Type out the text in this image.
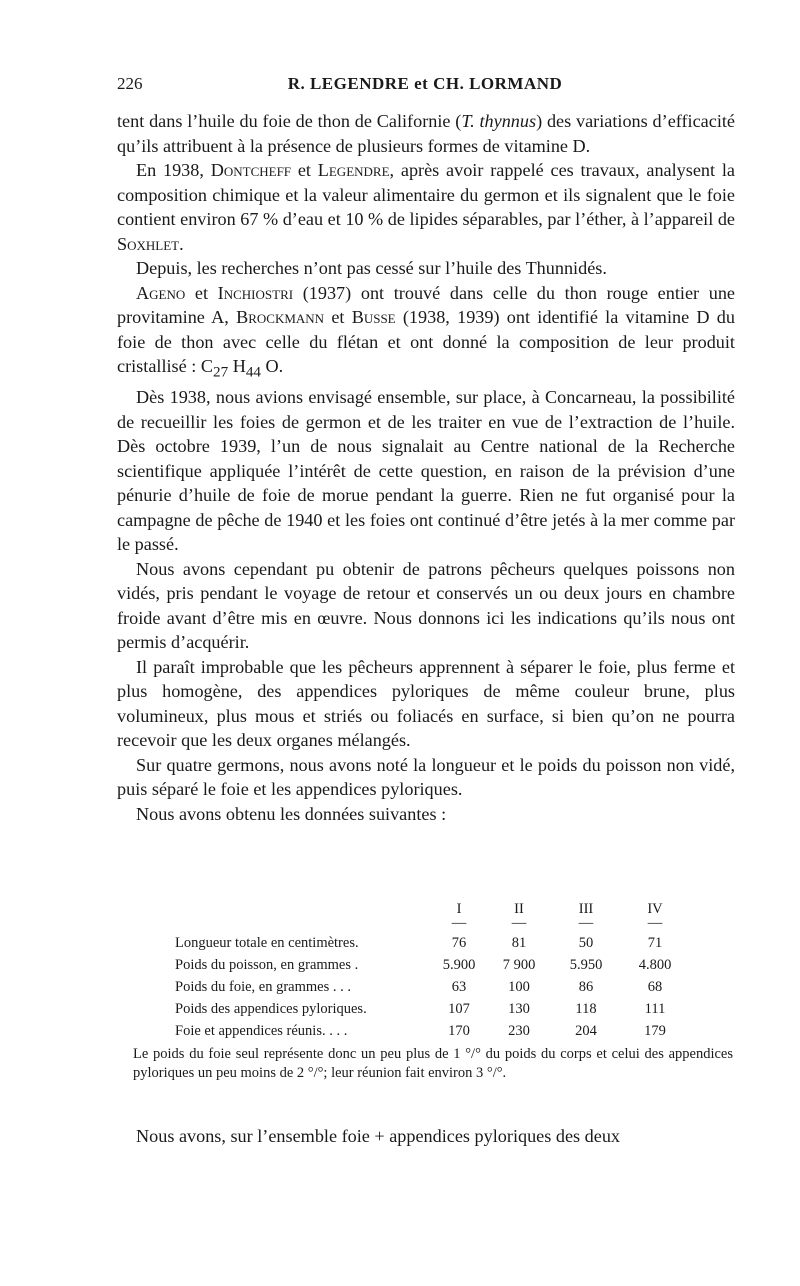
226	R. LEGENDRE et CH. LORMAND

tent dans l’huile du foie de thon de Californie (T. thynnus) des variations d’efficacité qu’ils attribuent à la présence de plusieurs formes de vitamine D.

En 1938, Dontcheff et Legendre, après avoir rappelé ces travaux, analysent la composition chimique et la valeur alimentaire du germon et ils signalent que le foie contient environ 67 % d’eau et 10 % de lipides séparables, par l’éther, à l’appareil de Soxhlet.

Depuis, les recherches n’ont pas cessé sur l’huile des Thunnidés.

Ageno et Inchiostri (1937) ont trouvé dans celle du thon rouge entier une provitamine A, Brockmann et Busse (1938, 1939) ont identifié la vitamine D du foie de thon avec celle du flétan et ont donné la composition de leur produit cristallisé : $C_{27}$ $H_{44}$ O.

Dès 1938, nous avions envisagé ensemble, sur place, à Concarneau, la possibilité de recueillir les foies de germon et de les traiter en vue de l’extraction de l’huile. Dès octobre 1939, l’un de nous signalait au Centre national de la Recherche scientifique appliquée l’intérêt de cette question, en raison de la prévision d’une pénurie d’huile de foie de morue pendant la guerre. Rien ne fut organisé pour la campagne de pêche de 1940 et les foies ont continué d’être jetés à la mer comme par le passé.

Nous avons cependant pu obtenir de patrons pêcheurs quelques poissons non vidés, pris pendant le voyage de retour et conservés un ou deux jours en chambre froide avant d’être mis en œuvre. Nous donnons ici les indications qu’ils nous ont permis d’acquérir.

Il paraît improbable que les pêcheurs apprennent à séparer le foie, plus ferme et plus homogène, des appendices pyloriques de même couleur brune, plus volumineux, plus mous et striés ou foliacés en surface, si bien qu’on ne pourra recevoir que les deux organes mélangés.

Sur quatre germons, nous avons noté la longueur et le poids du poisson non vidé, puis séparé le foie et les appendices pyloriques.

Nous avons obtenu les données suivantes :

I	II	III	IV
—	—	—	—
Longueur totale en centimètres.	76	81	50	71
Poids du poisson, en grammes .	5.900	7 900	5.950	4.800
Poids du foie, en grammes . . .	63	100	86	68
Poids des appendices pyloriques.	107	130	118	111
Foie et appendices réunis. . . .	170	230	204	179
Le poids du foie seul représente donc un peu plus de 1 °/° du poids du corps et celui des appendices pyloriques un peu moins de 2 °/°; leur réunion fait environ 3 °/°.
Nous avons, sur l’ensemble foie + appendices pyloriques des deux
